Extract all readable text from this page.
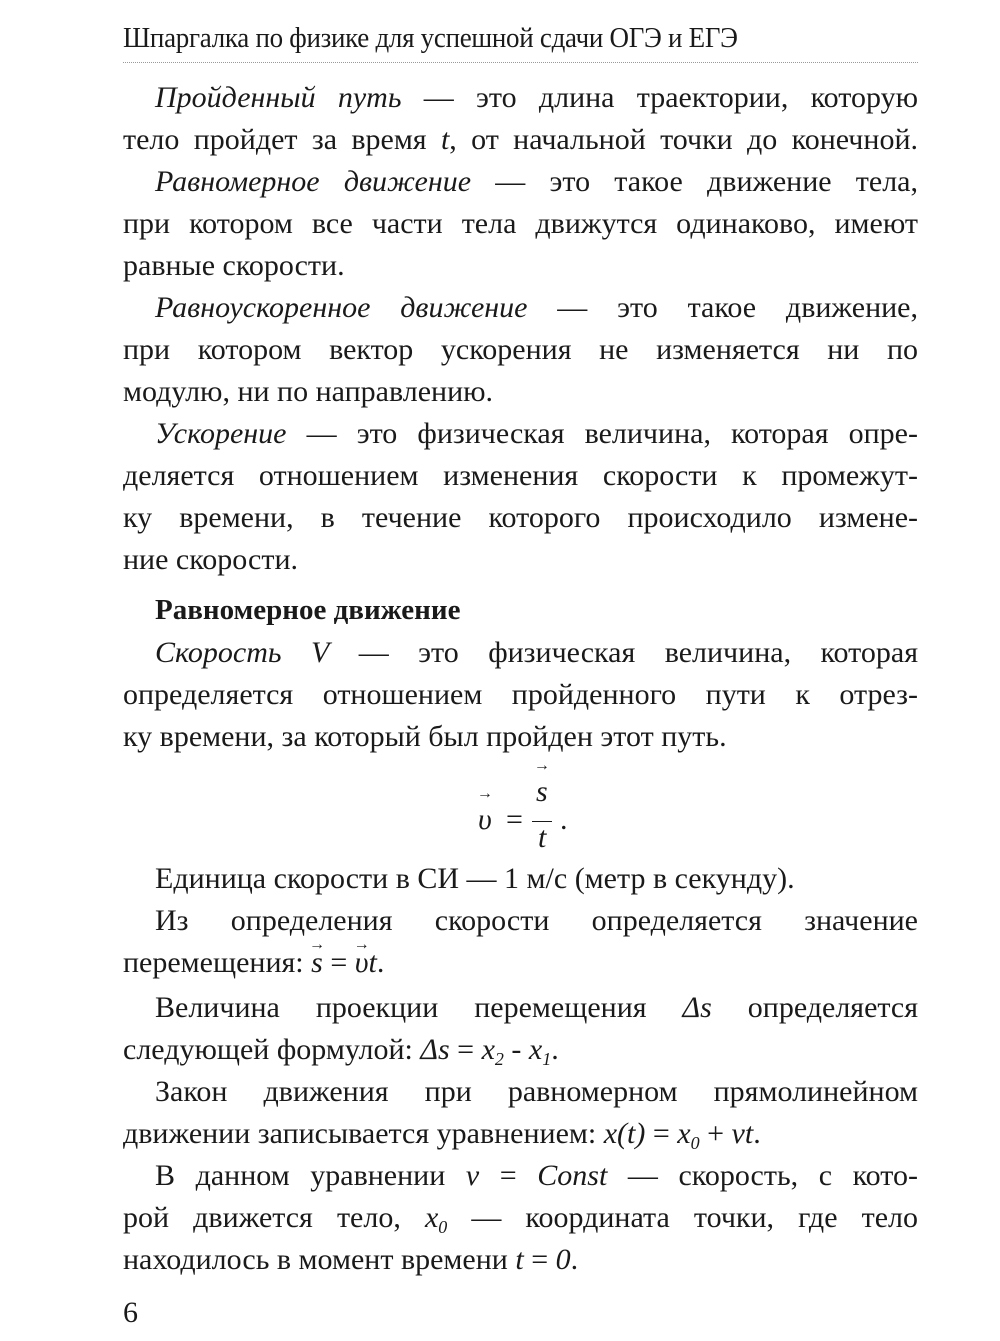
Шпаргалка по физике для успешной сдачи ОГЭ и ЕГЭ
Пройденный путь — это длина траектории, которую
тело пройдет за время t, от начальной точки до конечной.
Равномерное движение — это такое движение тела,
при котором все части тела движутся одинаково, имеют
равные скорости.
Равноускоренное движение — это такое движение,
при котором вектор ускорения не изменяется ни по
модулю, ни по направлению.
Ускорение — это физическая величина, которая опре-
деляется отношением изменения скорости к промежут-
ку времени, в течение которого происходило измене-
ние скорости.
Равномерное движение
Скорость V — это физическая величина, которая
определяется отношением пройденного пути к отрез-
ку времени, за который был пройден этот путь.
Единица скорости в СИ — 1 м/с (метр в секунду).
Из определения скорости определяется значение
перемещения: → s = → υt.
Величина проекции перемещения Δs определяется
следующей формулой: $\Delta s = x_2 - x_1$.
Закон движения при равномерном прямолинейном
движении записывается уравнением: $x(t) = x_0$ + vt.
В данном уравнении v = Const — скорость, с кото-
рой движется тело, $x_0$ — координата точки, где тело
находилось в момент времени t = 0.
→ υ =
→ s
t
.
6
